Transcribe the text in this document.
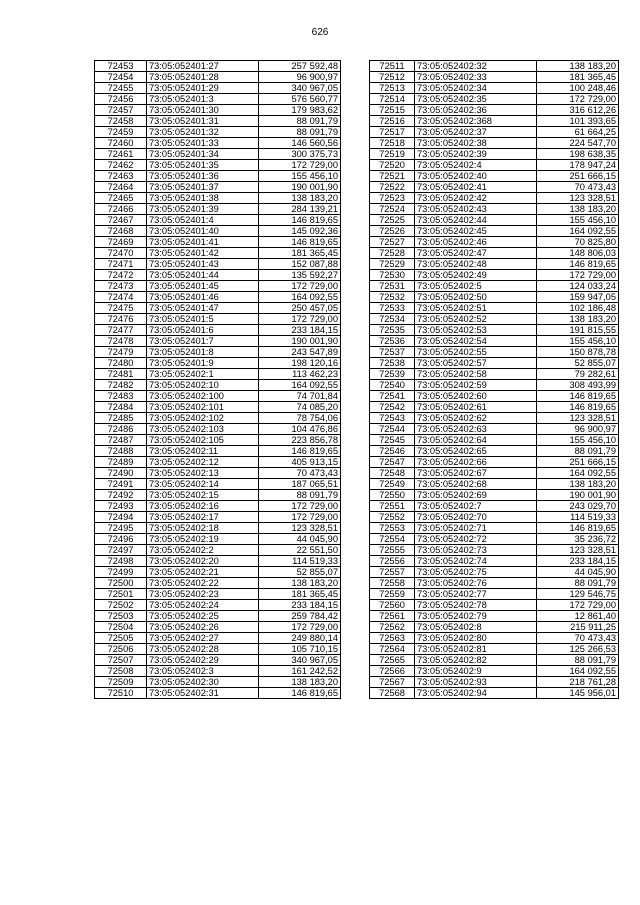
626
72453	73:05:052401:27	257 592,48
72454	73:05:052401:28	96 900,97
72455	73:05:052401:29	340 967,05
72456	73:05:052401:3	576 560,77
72457	73:05:052401:30	179 983,62
72458	73:05:052401:31	88 091,79
72459	73:05:052401:32	88 091,79
72460	73:05:052401:33	146 560,56
72461	73:05:052401:34	300 375,73
72462	73:05:052401:35	172 729,00
72463	73:05:052401:36	155 456,10
72464	73:05:052401:37	190 001,90
72465	73:05:052401:38	138 183,20
72466	73:05:052401:39	284 139,21
72467	73:05:052401:4	146 819,65
72468	73:05:052401:40	145 092,36
72469	73:05:052401:41	146 819,65
72470	73:05:052401:42	181 365,45
72471	73:05:052401:43	152 087,88
72472	73:05:052401:44	135 592,27
72473	73:05:052401:45	172 729,00
72474	73:05:052401:46	164 092,55
72475	73:05:052401:47	250 457,05
72476	73:05:052401:5	172 729,00
72477	73:05:052401:6	233 184,15
72478	73:05:052401:7	190 001,90
72479	73:05:052401:8	243 547,89
72480	73:05:052401:9	198 120,16
72481	73:05:052402:1	113 462,23
72482	73:05:052402:10	164 092,55
72483	73:05:052402:100	74 701,84
72484	73:05:052402:101	74 085,20
72485	73:05:052402:102	78 754,06
72486	73:05:052402:103	104 476,86
72487	73:05:052402:105	223 856,78
72488	73:05:052402:11	146 819,65
72489	73:05:052402:12	405 913,15
72490	73:05:052402:13	70 473,43
72491	73:05:052402:14	187 065,51
72492	73:05:052402:15	88 091,79
72493	73:05:052402:16	172 729,00
72494	73:05:052402:17	172 729,00
72495	73:05:052402:18	123 328,51
72496	73:05:052402:19	44 045,90
72497	73:05:052402:2	22 551,50
72498	73:05:052402:20	114 519,33
72499	73:05:052402:21	52 855,07
72500	73:05:052402:22	138 183,20
72501	73:05:052402:23	181 365,45
72502	73:05:052402:24	233 184,15
72503	73:05:052402:25	259 784,42
72504	73:05:052402:26	172 729,00
72505	73:05:052402:27	249 880,14
72506	73:05:052402:28	105 710,15
72507	73:05:052402:29	340 967,05
72508	73:05:052402:3	161 242,52
72509	73:05:052402:30	138 183,20
72510	73:05:052402:31	146 819,65
72511	73:05:052402:32	138 183,20
72512	73:05:052402:33	181 365,45
72513	73:05:052402:34	100 248,46
72514	73:05:052402:35	172 729,00
72515	73:05:052402:36	316 612,26
72516	73:05:052402:368	101 393,65
72517	73:05:052402:37	61 664,25
72518	73:05:052402:38	224 547,70
72519	73:05:052402:39	198 638,35
72520	73:05:052402:4	178 947,24
72521	73:05:052402:40	251 666,15
72522	73:05:052402:41	70 473,43
72523	73:05:052402:42	123 328,51
72524	73:05:052402:43	138 183,20
72525	73:05:052402:44	155 456,10
72526	73:05:052402:45	164 092,55
72527	73:05:052402:46	70 825,80
72528	73:05:052402:47	148 806,03
72529	73:05:052402:48	146 819,65
72530	73:05:052402:49	172 729,00
72531	73:05:052402:5	124 033,24
72532	73:05:052402:50	159 947,05
72533	73:05:052402:51	102 186,48
72534	73:05:052402:52	138 183,20
72535	73:05:052402:53	191 815,55
72536	73:05:052402:54	155 456,10
72537	73:05:052402:55	150 878,78
72538	73:05:052402:57	52 855,07
72539	73:05:052402:58	79 282,61
72540	73:05:052402:59	308 493,99
72541	73:05:052402:60	146 819,65
72542	73:05:052402:61	146 819,65
72543	73:05:052402:62	123 328,51
72544	73:05:052402:63	96 900,97
72545	73:05:052402:64	155 456,10
72546	73:05:052402:65	88 091,79
72547	73:05:052402:66	251 666,15
72548	73:05:052402:67	164 092,55
72549	73:05:052402:68	138 183,20
72550	73:05:052402:69	190 001,90
72551	73:05:052402:7	243 029,70
72552	73:05:052402:70	114 519,33
72553	73:05:052402:71	146 819,65
72554	73:05:052402:72	35 236,72
72555	73:05:052402:73	123 328,51
72556	73:05:052402:74	233 184,15
72557	73:05:052402:75	44 045,90
72558	73:05:052402:76	88 091,79
72559	73:05:052402:77	129 546,75
72560	73:05:052402:78	172 729,00
72561	73:05:052402:79	12 861,40
72562	73:05:052402:8	215 911,25
72563	73:05:052402:80	70 473,43
72564	73:05:052402:81	125 266,53
72565	73:05:052402:82	88 091,79
72566	73:05:052402:9	164 092,55
72567	73:05:052402:93	218 761,28
72568	73:05:052402:94	145 956,01
